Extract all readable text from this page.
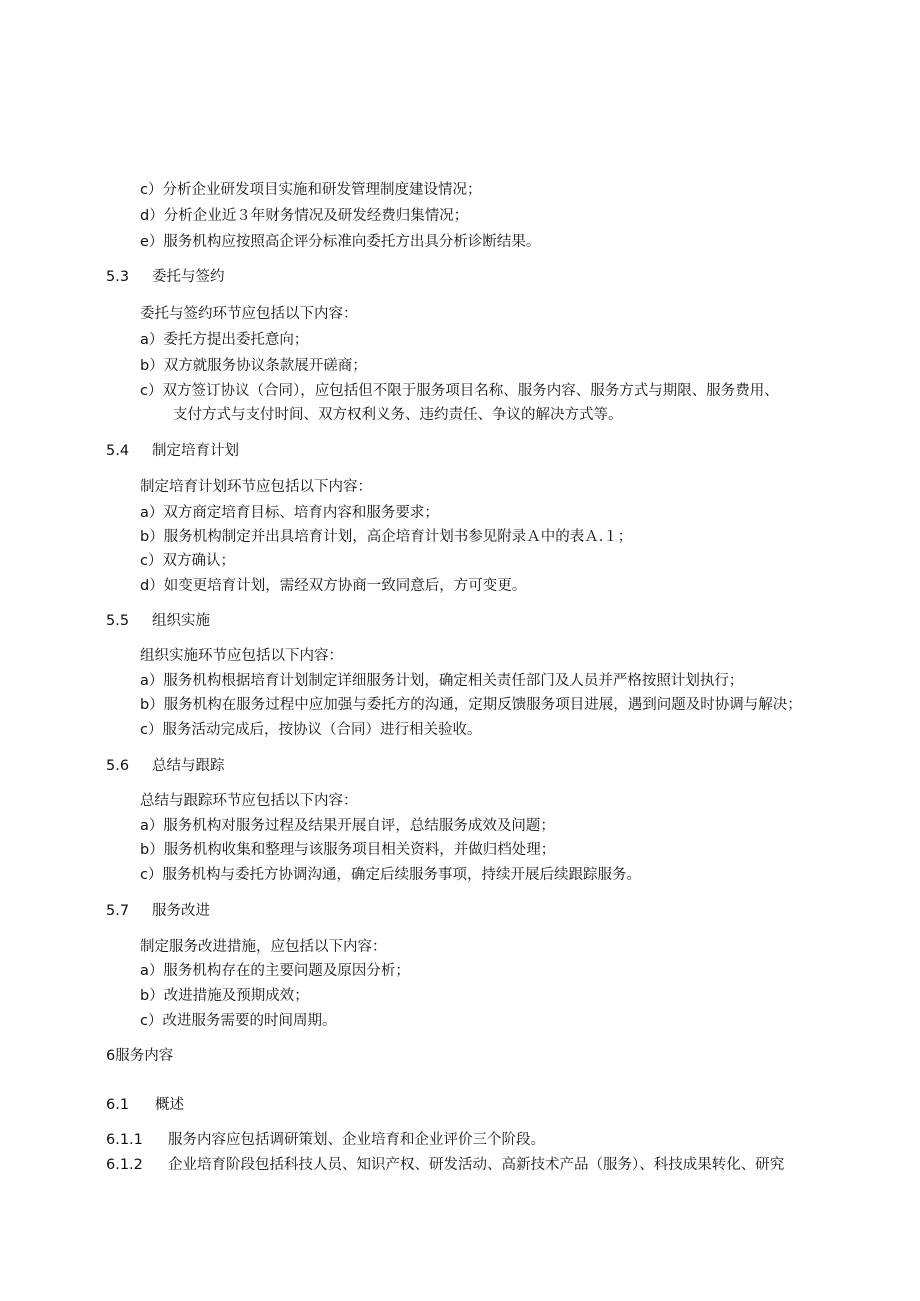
c）分析企业研发项目实施和研发管理制度建设情况；
d）分析企业近３年财务情况及研发经费归集情况；
e）服务机构应按照高企评分标准向委托方出具分析诊断结果。
5.3 委托与签约
委托与签约环节应包括以下内容：
a）委托方提出委托意向；
b）双方就服务协议条款展开磋商；
c）双方签订协议（合同），应包括但不限于服务项目名称、服务内容、服务方式与期限、服务费用、
支付方式与支付时间、双方权利义务、违约责任、争议的解决方式等。
5.4 制定培育计划
制定培育计划环节应包括以下内容：
a）双方商定培育目标、培育内容和服务要求；
b）服务机构制定并出具培育计划，高企培育计划书参见附录Ａ中的表Ａ.１；
c）双方确认；
d）如变更培育计划，需经双方协商一致同意后，方可变更。
5.5 组织实施
组织实施环节应包括以下内容：
a）服务机构根据培育计划制定详细服务计划，确定相关责任部门及人员并严格按照计划执行；
b）服务机构在服务过程中应加强与委托方的沟通，定期反馈服务项目进展，遇到问题及时协调与解决；
c）服务活动完成后，按协议（合同）进行相关验收。
5.6 总结与跟踪
总结与跟踪环节应包括以下内容：
a）服务机构对服务过程及结果开展自评，总结服务成效及问题；
b）服务机构收集和整理与该服务项目相关资料，并做归档处理；
c）服务机构与委托方协调沟通，确定后续服务事项，持续开展后续跟踪服务。
5.7 服务改进
制定服务改进措施，应包括以下内容：
a）服务机构存在的主要问题及原因分析；
b）改进措施及预期成效；
c）改进服务需要的时间周期。
6服务内容
6.1 概述
6.1.1 服务内容应包括调研策划、企业培育和企业评价三个阶段。
6.1.2 企业培育阶段包括科技人员、知识产权、研发活动、高新技术产品（服务）、科技成果转化、研究
